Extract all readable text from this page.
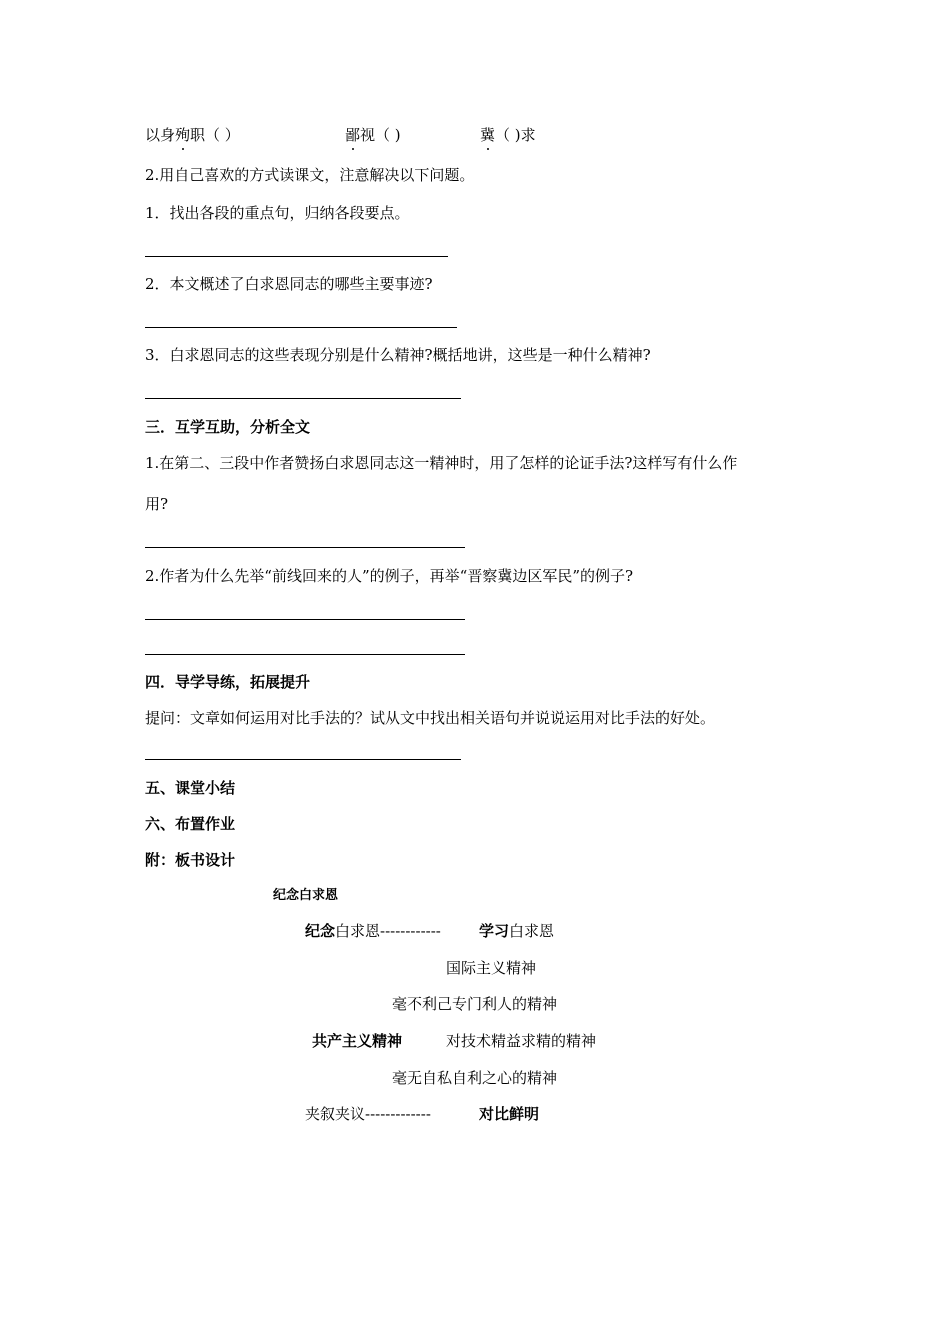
以身殉职（ ）	鄙视（ )	冀（ )求
2.用自己喜欢的方式读课文，注意解决以下问题。
1．找出各段的重点句，归纳各段要点。
2．本文概述了白求恩同志的哪些主要事迹?
3．白求恩同志的这些表现分别是什么精神?概括地讲，这些是一种什么精神?
三．互学互助，分析全文
1.在第二、三段中作者赞扬白求恩同志这一精神时，用了怎样的论证手法?这样写有什么作
用?
2.作者为什么先举“前线回来的人”的例子，再举“晋察冀边区军民”的例子?
四．导学导练，拓展提升
提问：文章如何运用对比手法的？试从文中找出相关语句并说说运用对比手法的好处。
五、课堂小结
六、布置作业
附：板书设计
纪念白求恩
纪念白求恩------------	学习白求恩
国际主义精神
毫不利己专门利人的精神
共产主义精神	对技术精益求精的精神
毫无自私自利之心的精神
夹叙夹议-------------	对比鲜明
